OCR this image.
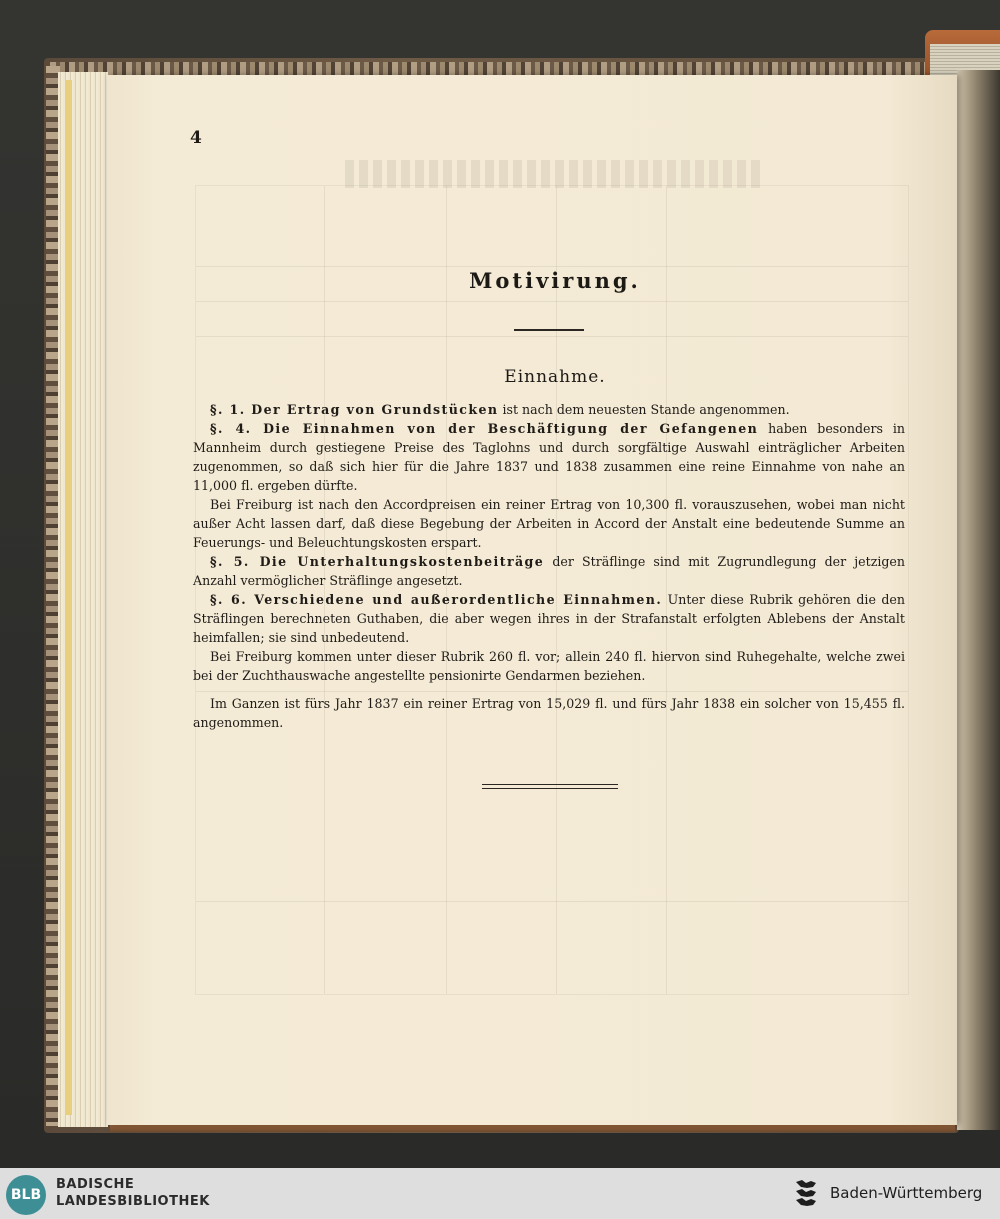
4
Motivirung.
Einnahme.

§. 1. Der Ertrag von Grundstücken ist nach dem neuesten Stande angenommen.

§. 4. Die Einnahmen von der Beschäftigung der Gefangenen haben besonders in Mannheim durch gestiegene Preise des Taglohns und durch sorgfältige Auswahl einträglicher Arbeiten zugenommen, so daß sich hier für die Jahre 1837 und 1838 zusammen eine reine Einnahme von nahe an 11,000 fl. ergeben dürfte.

Bei Freiburg ist nach den Accordpreisen ein reiner Ertrag von 10,300 fl. vorauszusehen, wobei man nicht außer Acht lassen darf, daß diese Begebung der Arbeiten in Accord der Anstalt eine bedeutende Summe an Feuerungs- und Beleuchtungskosten erspart.

§. 5. Die Unterhaltungskostenbeiträge der Sträflinge sind mit Zugrundlegung der jetzigen Anzahl vermöglicher Sträflinge angesetzt.

§. 6. Verschiedene und außerordentliche Einnahmen. Unter diese Rubrik gehören die den Sträflingen berechneten Guthaben, die aber wegen ihres in der Strafanstalt erfolgten Ablebens der Anstalt heimfallen; sie sind unbedeutend.

Bei Freiburg kommen unter dieser Rubrik 260 fl. vor; allein 240 fl. hiervon sind Ruhegehalte, welche zwei bei der Zuchthauswache angestellte pensionirte Gendarmen beziehen.

Im Ganzen ist fürs Jahr 1837 ein reiner Ertrag von 15,029 fl. und fürs Jahr 1838 ein solcher von 15,455 fl. angenommen.

BLB
BADISCHE
LANDESBIBLIOTHEK	Baden-Württemberg
